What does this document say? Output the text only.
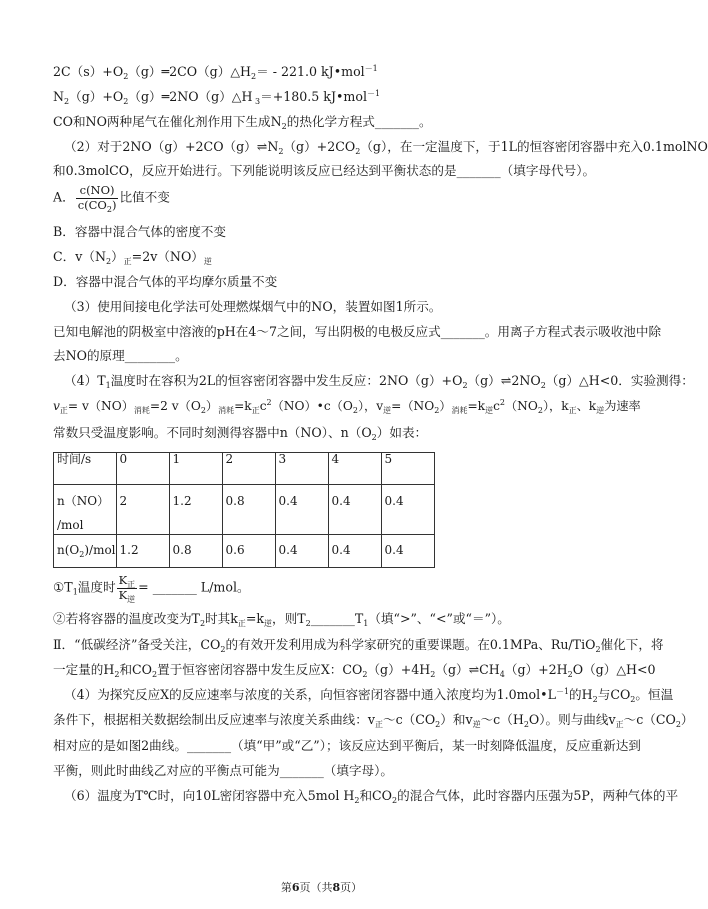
$2C(s)+O_2(g)═2CO(g)\triangle H_2= - 221.0$ kJ•mol$^{-1}$
$N_2(g)+O_2(g)═2NO(g)\triangle H$ $_3$＝+180.5 kJ•mol$^{-1}$
CO和NO两种尾气在催化剂作用下生成$N_2$的热化学方程式_______。
（2）对于$2NO(g)+2CO(g)\rightleftharpoons N_2(g)+2CO_2(g)$，在一定温度下，于1L的恒容密闭容器中充入0.1molNO
和0.3molCO，反应开始进行。下列能说明该反应已经达到平衡状态的是_______（填字母代号）。
A． $\frac{c(NO)}{c(CO_2)}$ 比值不变
B．容器中混合气体的密度不变
C．$v(N_2)_正=2v(NO)_逆$
D．容器中混合气体的平均摩尔质量不变
（3）使用间接电化学法可处理燃煤烟气中的NO，装置如图1所示。
已知电解池的阴极室中溶液的pH在4～7之间，写出阴极的电极反应式_______。用离子方程式表示吸收池中除
去NO的原理________。
$(4)T_1$温度时在容积为2L的恒容密闭容器中发生反应：$2NO(g)+O_2(g)\rightleftharpoons 2NO_2(g)\triangle H<0$．实验测得：
$v_正= v(NO)_{消耗}=2$ $v(O_2)_{消耗}=k_正c^2(NO)•c(O_2)$，$v_逆=(NO_2)_{消耗}=k_逆c^2(NO_2)$，$k_正$、$k_逆$为速率
常数只受温度影响。不同时刻测得容器中n（NO）、$n(O_2)$如表：
时间/s	0	1	2	3	4	5
n（NO）

/mol	2	1.2	0.8	0.4	0.4	0.4
$n(O_2)$/mol	1.2	0.8	0.6	0.4	0.4	0.4
$①T_1$温度时 $\frac{K_正}{K_逆}$ = _______ L/mol。
②若将容器的温度改变为$T_2$时其$k_正=k_逆$，则$T_2\_\_\_\_\_\_\_T_1$（填“>”、“<”或“＝”）。
Ⅱ．“低碳经济”备受关注，$CO_2$的有效开发利用成为科学家研究的重要课题。在0.1MPa、Ru/TiO$_2$催化下，将
一定量的$H_2$和$CO_2$置于恒容密闭容器中发生反应X：$CO_2(g)+4H_2(g)\rightleftharpoons CH_4(g)+2H_2O(g)\triangle H<0$
（4）为探究反应X的反应速率与浓度的关系，向恒容密闭容器中通入浓度均为$1.0mol•L^{-1}$的$H_2$与$CO_2$。恒温
条件下，根据相关数据绘制出反应速率与浓度关系曲线：$v_正\sim c(CO_2)$和$v_逆\sim c(H_2O)$。则与曲线$v_正\sim c(CO_2)$
相对应的是如图2曲线。_______（填“甲”或“乙”）；该反应达到平衡后，某一时刻降低温度，反应重新达到
平衡，则此时曲线乙对应的平衡点可能为_______（填字母）。
（6）温度为T℃时，向10L密闭容器中充入5mol $H_2$和$CO_2$的混合气体，此时容器内压强为5P，两种气体的平
第6页（共8页）
